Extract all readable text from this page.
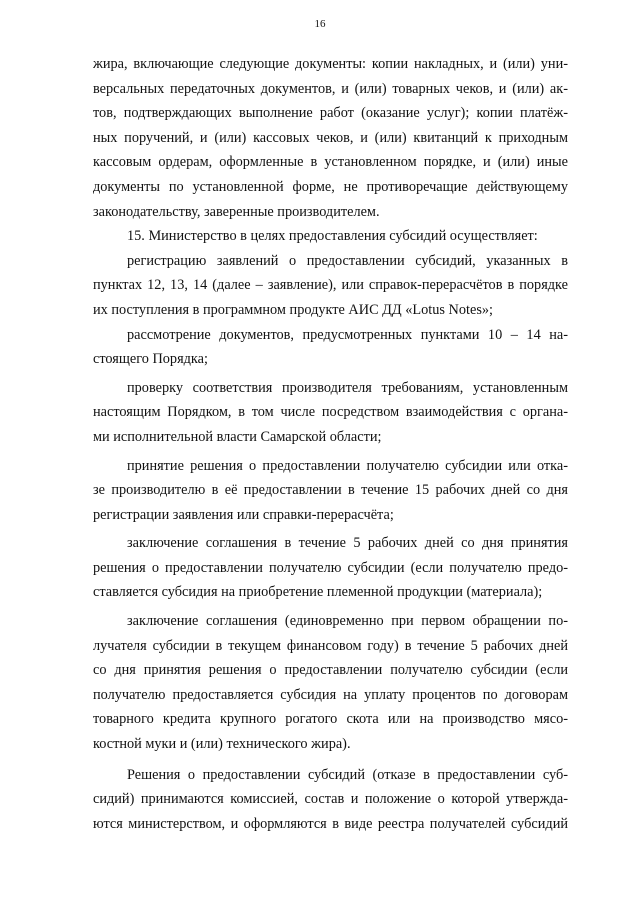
16
жира, включающие следующие документы: копии накладных, и (или) уни-
версальных передаточных документов, и (или) товарных чеков, и (или) ак-
тов, подтверждающих выполнение работ (оказание услуг); копии платёж-
ных поручений, и (или) кассовых чеков, и (или) квитанций к приходным
кассовым ордерам, оформленные в установленном порядке, и (или) иные
документы по установленной форме, не противоречащие действующему
законодательству, заверенные производителем.
15. Министерство в целях предоставления субсидий осуществляет:
регистрацию заявлений о предоставлении субсидий, указанных в
пунктах 12, 13, 14 (далее – заявление), или справок-перерасчётов в порядке
их поступления в программном продукте АИС ДД «Lotus Notes»;
рассмотрение документов, предусмотренных пунктами 10 – 14 на-
стоящего Порядка;
проверку соответствия производителя требованиям, установленным
настоящим Порядком, в том числе посредством взаимодействия с органа-
ми исполнительной власти Самарской области;
принятие решения о предоставлении получателю субсидии или отка-
зе производителю в её предоставлении в течение 15 рабочих дней со дня
регистрации заявления или справки-перерасчёта;
заключение соглашения в течение 5 рабочих дней со дня принятия
решения о предоставлении получателю субсидии (если получателю предо-
ставляется субсидия на приобретение племенной продукции (материала);
заключение соглашения (единовременно при первом обращении по-
лучателя субсидии в текущем финансовом году) в течение 5 рабочих дней
со дня принятия решения о предоставлении получателю субсидии (если
получателю предоставляется субсидия на уплату процентов по договорам
товарного кредита крупного рогатого скота или на производство мясо-
костной муки и (или) технического жира).
Решения о предоставлении субсидий (отказе в предоставлении суб-
сидий) принимаются комиссией, состав и положение о которой утвержда-
ются министерством, и оформляются в виде реестра получателей субсидий
